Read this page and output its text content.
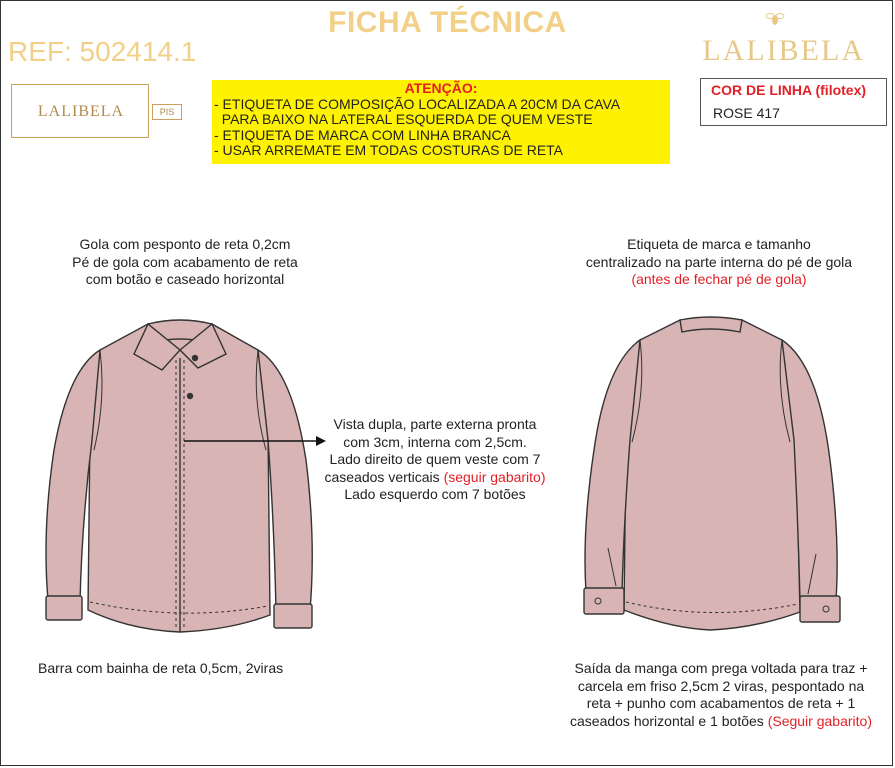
FICHA TÉCNICA
REF: 502414.1	LALIBELA
LALIBELA	PIS
ATENÇÃO:
- ETIQUETA DE COMPOSIÇÃO LOCALIZADA A 20CM DA CAVA
PARA BAIXO NA LATERAL ESQUERDA DE QUEM VESTE
- ETIQUETA DE MARCA COM LINHA BRANCA
- USAR ARREMATE EM TODAS COSTURAS DE RETA
COR DE LINHA (filotex)
ROSE 417
Gola com pesponto de reta 0,2cm
Pé de gola com acabamento de reta
com botão e caseado horizontal
Etiqueta de marca e tamanho
centralizado na parte interna do pé de gola
(antes de fechar pé de gola)
Vista dupla, parte externa pronta
com 3cm, interna com 2,5cm.
Lado direito de quem veste com 7
caseados verticais (seguir gabarito)
Lado esquerdo com 7 botões
Barra com bainha de reta 0,5cm, 2viras	Saída da manga com prega voltada para traz +
carcela em friso 2,5cm 2 viras, pespontado na
reta + punho com acabamentos de reta + 1
caseados horizontal e 1 botões (Seguir gabarito)
